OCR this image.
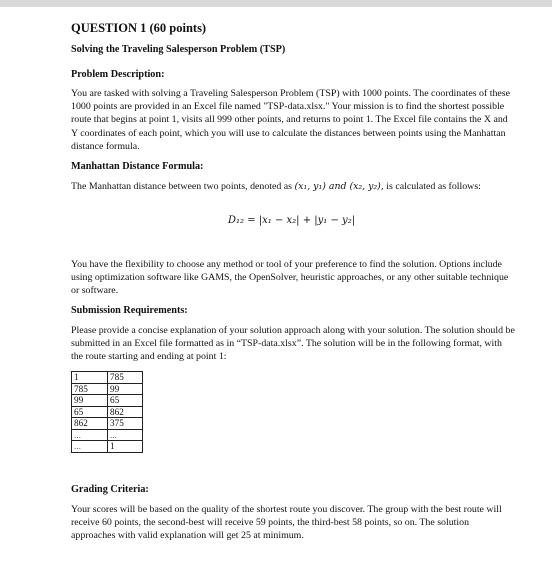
QUESTION 1 (60 points)
Solving the Traveling Salesperson Problem (TSP)
Problem Description:

You are tasked with solving a Traveling Salesperson Problem (TSP) with 1000 points. The coordinates of these 1000 points are provided in an Excel file named "TSP-data.xlsx." Your mission is to find the shortest possible route that begins at point 1, visits all 999 other points, and returns to point 1. The Excel file contains the X and Y coordinates of each point, which you will use to calculate the distances between points using the Manhattan distance formula.

Manhattan Distance Formula:

The Manhattan distance between two points, denoted as (x₁, y₁) and (x₂, y₂), is calculated as follows:

D₁₂ = |x₁ − x₂| + |y₁ − y₂|

You have the flexibility to choose any method or tool of your preference to find the solution. Options include using optimization software like GAMS, the OpenSolver, heuristic approaches, or any other suitable technique or software.

Submission Requirements:

Please provide a concise explanation of your solution approach along with your solution. The solution should be submitted in an Excel file formatted as in “TSP-data.xlsx”. The solution will be in the following format, with the route starting and ending at point 1:

1	785
785	99
99	65
65	862
862	375
...	...
...	1
Grading Criteria:

Your scores will be based on the quality of the shortest route you discover. The group with the best route will receive 60 points, the second-best will receive 59 points, the third-best 58 points, so on. The solution approaches with valid explanation will get 25 at minimum.
